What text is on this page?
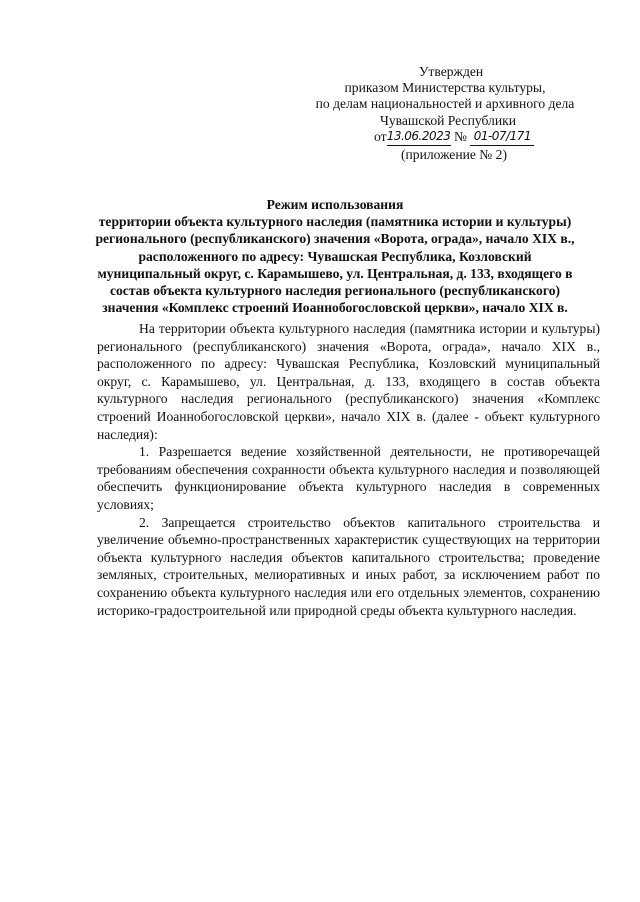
Утвержден
приказом Министерства культуры,
по делам национальностей и архивного дела
Чувашской Республики
от13.06.2023 № 01-07/171
(приложение № 2)
Режим использования
территории объекта культурного наследия (памятника истории и культуры)
регионального (республиканского) значения «Ворота, ограда», начало XIX в.,
расположенного по адресу: Чувашская Республика, Козловский
муниципальный округ, с. Карамышево, ул. Центральная, д. 133, входящего в
состав объекта культурного наследия регионального (республиканского)
значения «Комплекс строений Иоаннобогословской церкви», начало XIX в.

На территории объекта культурного наследия (памятника истории и культуры) регионального (республиканского) значения «Ворота, ограда», начало XIX в., расположенного по адресу: Чувашская Республика, Козловский муниципальный округ, с. Карамышево, ул. Центральная, д. 133, входящего в состав объекта культурного наследия регионального (республиканского) значения «Комплекс строений Иоаннобогословской церкви», начало XIX в. (далее - объект культурного наследия):

1. Разрешается ведение хозяйственной деятельности, не противоречащей требованиям обеспечения сохранности объекта культурного наследия и позволяющей обеспечить функционирование объекта культурного наследия в современных условиях;

2. Запрещается строительство объектов капитального строительства и увеличение объемно-пространственных характеристик существующих на территории объекта культурного наследия объектов капитального строительства; проведение земляных, строительных, мелиоративных и иных работ, за исключением работ по сохранению объекта культурного наследия или его отдельных элементов, сохранению историко-градостроительной или природной среды объекта культурного наследия.
